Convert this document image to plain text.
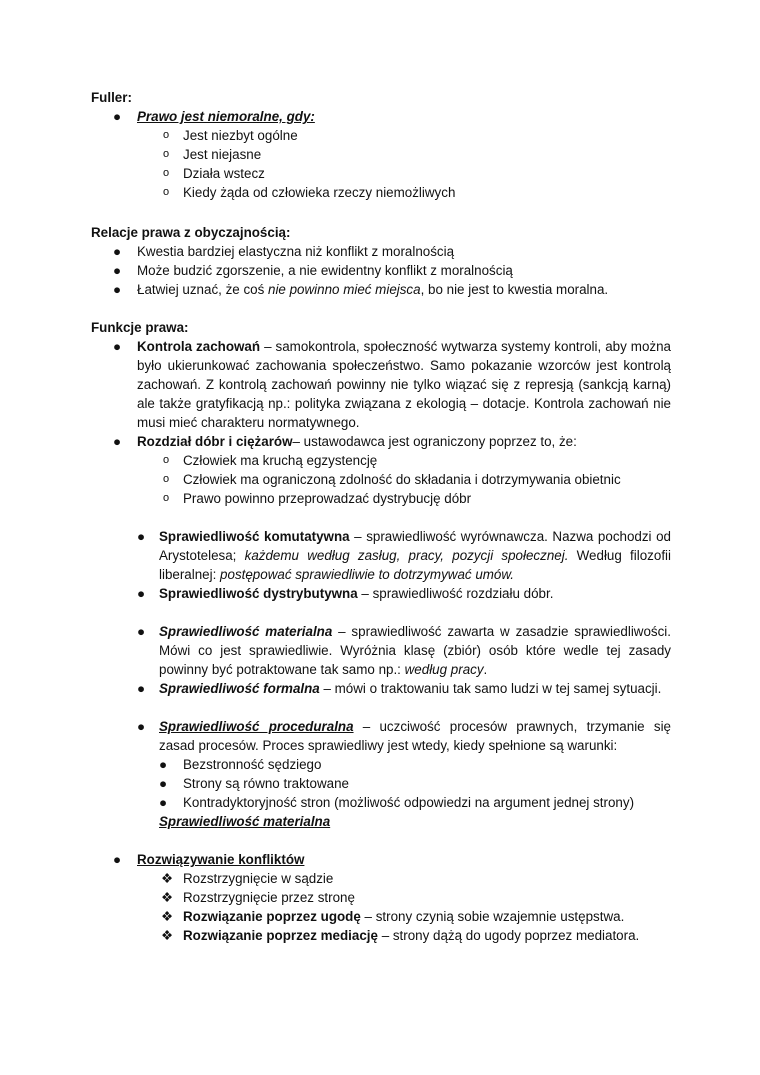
Fuller:
● Prawo jest niemoralne, gdy:
o Jest niezbyt ogólne
o Jest niejasne
o Działa wstecz
o Kiedy żąda od człowieka rzeczy niemożliwych
Relacje prawa z obyczajnością:
● Kwestia bardziej elastyczna niż konflikt z moralnością
● Może budzić zgorszenie, a nie ewidentny konflikt z moralnością
● Łatwiej uznać, że coś nie powinno mieć miejsca, bo nie jest to kwestia moralna.
Funkcje prawa:
● Kontrola zachowań – samokontrola, społeczność wytwarza systemy kontroli, aby można było ukierunkować zachowania społeczeństwo. Samo pokazanie wzorców jest kontrolą zachowań. Z kontrolą zachowań powinny nie tylko wiązać się z represją (sankcją karną) ale także gratyfikacją np.: polityka związana z ekologią – dotacje. Kontrola zachowań nie musi mieć charakteru normatywnego.
● Rozdział dóbr i ciężarów– ustawodawca jest ograniczony poprzez to, że:
o Człowiek ma kruchą egzystencję
o Człowiek ma ograniczoną zdolność do składania i dotrzymywania obietnic
o Prawo powinno przeprowadzać dystrybucję dóbr
● Sprawiedliwość komutatywna – sprawiedliwość wyrównawcza. Nazwa pochodzi od Arystotelesa; każdemu według zasług, pracy, pozycji społecznej. Według filozofii liberalnej: postępować sprawiedliwie to dotrzymywać umów.
● Sprawiedliwość dystrybutywna – sprawiedliwość rozdziału dóbr.
● Sprawiedliwość materialna – sprawiedliwość zawarta w zasadzie sprawiedliwości. Mówi co jest sprawiedliwie. Wyróżnia klasę (zbiór) osób które wedle tej zasady powinny być potraktowane tak samo np.: według pracy.
● Sprawiedliwość formalna – mówi o traktowaniu tak samo ludzi w tej samej sytuacji.
● Sprawiedliwość proceduralna – uczciwość procesów prawnych, trzymanie się zasad procesów. Proces sprawiedliwy jest wtedy, kiedy spełnione są warunki:
● Bezstronność sędziego
● Strony są równo traktowane
● Kontradyktoryjność stron (możliwość odpowiedzi na argument jednej strony)
Sprawiedliwość materialna
● Rozwiązywanie konfliktów
❖ Rozstrzygnięcie w sądzie
❖ Rozstrzygnięcie przez stronę
❖ Rozwiązanie poprzez ugodę – strony czynią sobie wzajemnie ustępstwa.
❖ Rozwiązanie poprzez mediację – strony dążą do ugody poprzez mediatora.
